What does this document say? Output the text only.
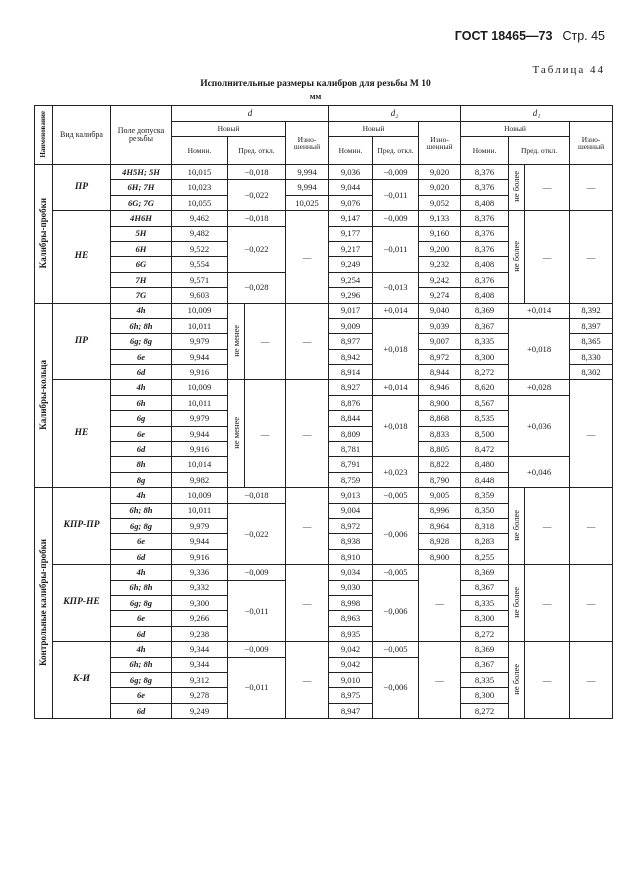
ГОСТ 18465—73 Стр. 45
Таблица 44
Исполнительные размеры калибров для резьбы М 10
мм
Наименование	Вид калибра	Поле допуска резьбы	d				d₂			d₁			
			Новый			Изно- шенный	Новый		Изно- шенный	Новый			Изно- шенный
			Номин.	Пред. откл.			Номин.	Пред. откл.		Номин.	Пред. откл.		
Калибры-пробки	ПР	4H5H; 5H	10,015	−0,018		9,994	9,036	−0,009	9,020	8,376	не более	—	—
		6H; 7H	10,023	−0,022		9,994	9,044	−0,011	9,020	8,376			
		6G; 7G	10,055			10,025	9,076		9,052	8,408			
	НЕ	4H6H	9,462	−0,018		—	9,147	−0,009	9,133	8,376	не более	—	—
		5H	9,482	−0,022			9,177	−0,011	9,160	8,376			
		6H	9,522				9,217		9,200	8,376			
		6G	9,554				9,249		9,232	8,408			
		7H	9,571	−0,028			9,254	−0,013	9,242	8,376			
		7G	9,603				9,296		9,274	8,408			
Калибры-кольца	ПР	4h	10,009	не менее	—	—	9,017	+0,014	9,040	8,369	+0,014		8,392
		6h; 8h	10,011				9,009	+0,018	9,039	8,367	+0,018		8,397
		6g; 8g	9,979				8,977		9,007	8,335			8,365
		6e	9,944				8,942		8,972	8,300			8,330
		6d	9,916				8,914		8,944	8,272			8,302
	НЕ	4h	10,009	не менее	—	—	8,927	+0,014	8,946	8,620	+0,028		—
		6h	10,011				8,876	+0,018	8,900	8,567	+0,036		
		6g	9,979				8,844		8,868	8,535			
		6e	9,944				8,809		8,833	8,500			
		6d	9,916				8,781		8,805	8,472			
		8h	10,014				8,791	+0,023	8,822	8,480	+0,046		
		8g	9,982				8,759		8,790	8,448			
Контрольные калибры-пробки	КПР-ПР	4h	10,009	−0,018		—	9,013	−0,005	9,005	8,359	не более	—	—
		6h; 8h	10,011	−0,022			9,004	−0,006	8,996	8,350			
		6g; 8g	9,979				8,972		8,964	8,318			
		6e	9,944				8,938		8,928	8,283			
		6d	9,916				8,910		8,900	8,255			
	КПР-НЕ	4h	9,336	−0,009		—	9,034	−0,005	—	8,369	не более	—	—
		6h; 8h	9,332	−0,011			9,030	−0,006		8,367			
		6g; 8g	9,300				8,998			8,335			
		6e	9,266				8,963			8,300			
		6d	9,238				8,935			8,272			
	К-И	4h	9,344	−0,009		—	9,042	−0,005	—	8,369	не более	—	—
		6h; 8h	9,344	−0,011			9,042	−0,006		8,367			
		6g; 8g	9,312				9,010			8,335			
		6e	9,278				8,975			8,300			
		6d	9,249				8,947			8,272			
